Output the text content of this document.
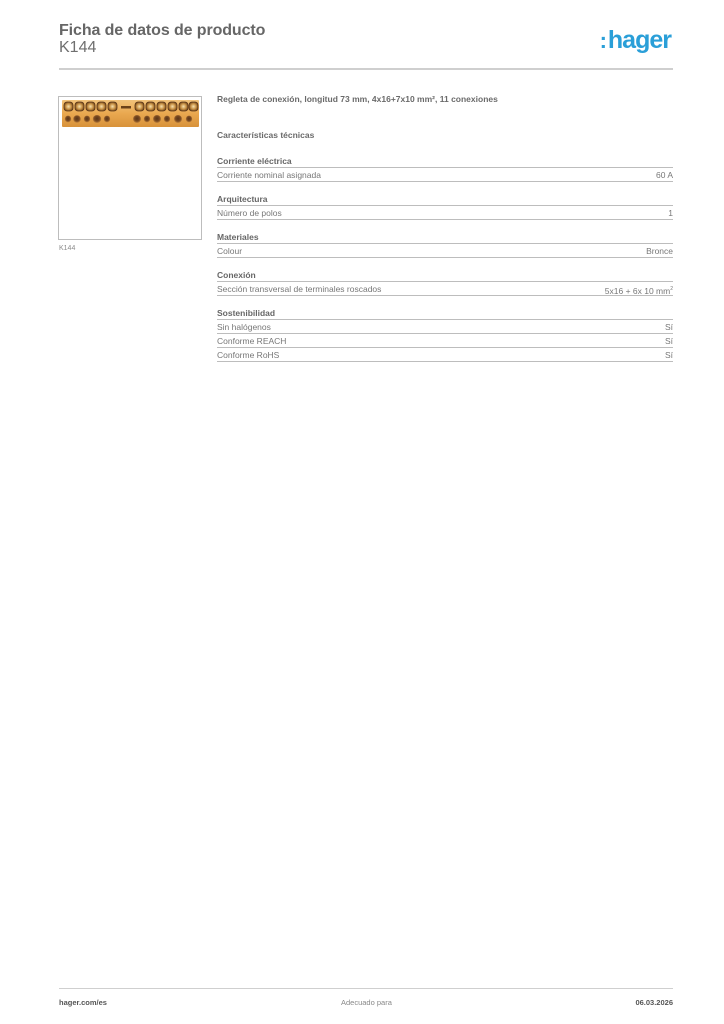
Ficha de datos de producto
K144	:hager
K144
Regleta de conexión, longitud 73 mm, 4x16+7x10 mm², 11 conexiones
Características técnicas
Corriente eléctrica
Corriente nominal asignada	60 A
Arquitectura
Número de polos	1
Materiales
Colour	Bronce
Conexión
Sección transversal de terminales roscados	5x16 + 6x 10 $mm^2$
Sostenibilidad
Sin halógenos	Sí
Conforme REACH	Sí
Conforme RoHS	Sí
hager.com/es	Adecuado para	06.03.2026
